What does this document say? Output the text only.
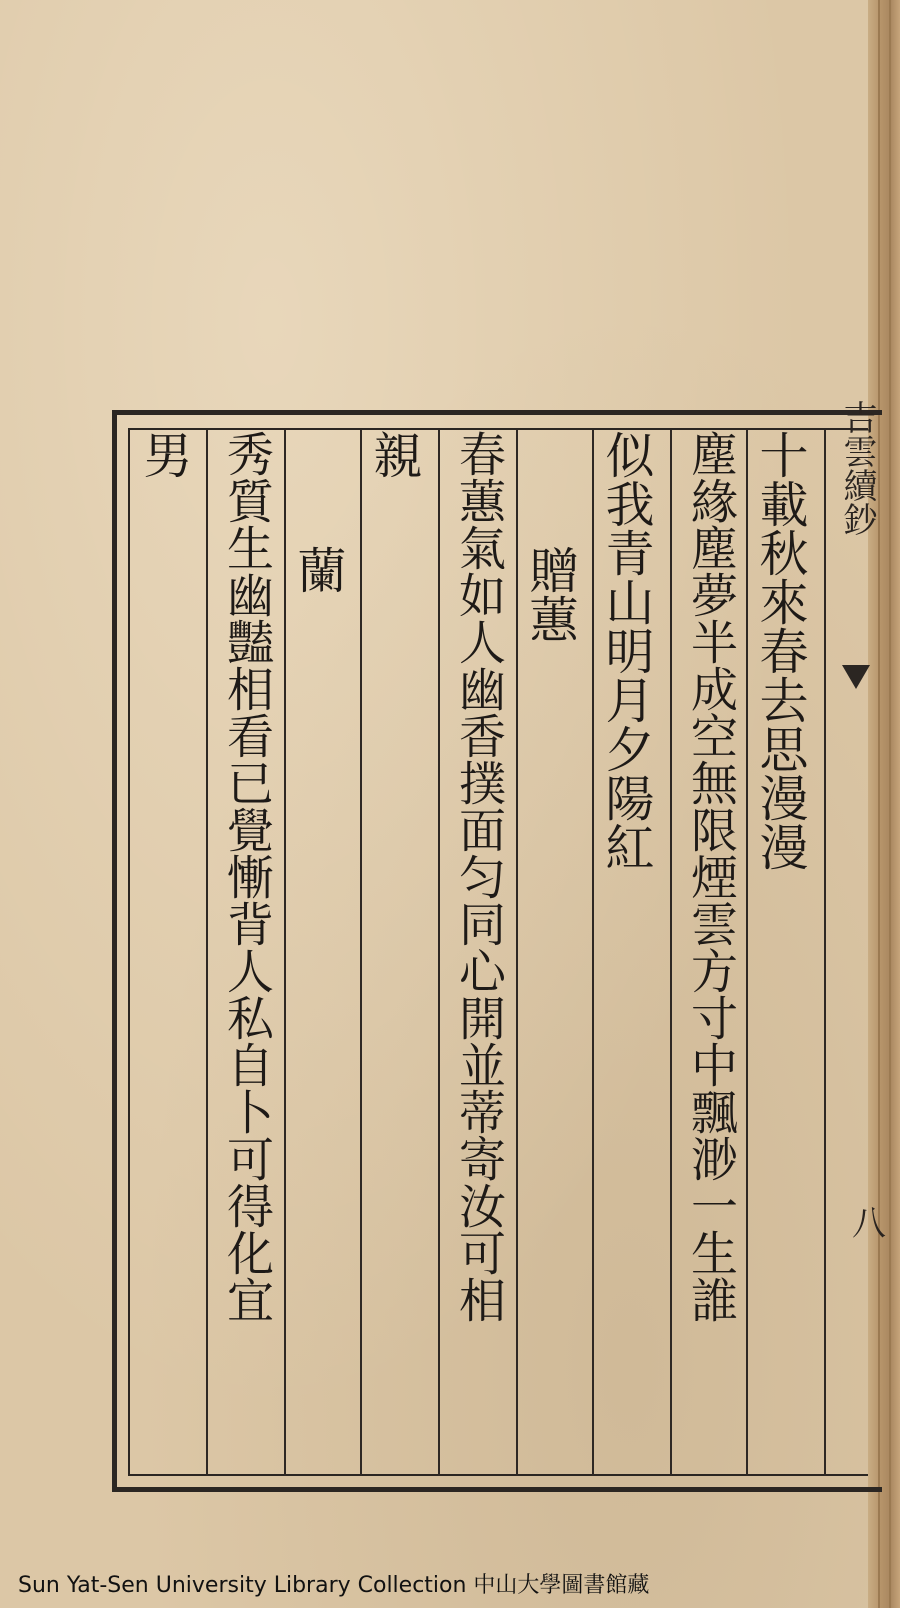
十載秋來春去思漫漫
塵緣塵夢半成空無限煙雲方寸中飄渺一生誰
似我青山明月夕陽紅
贈蕙
春蕙氣如人幽香撲面匀同心開並蒂寄汝可相
親
蘭
秀質生幽豔相看已覺慚背人私自卜可得化宜
男	吉雲續鈔
八
Sun Yat-Sen University Library Collection 中山大學圖書館藏
